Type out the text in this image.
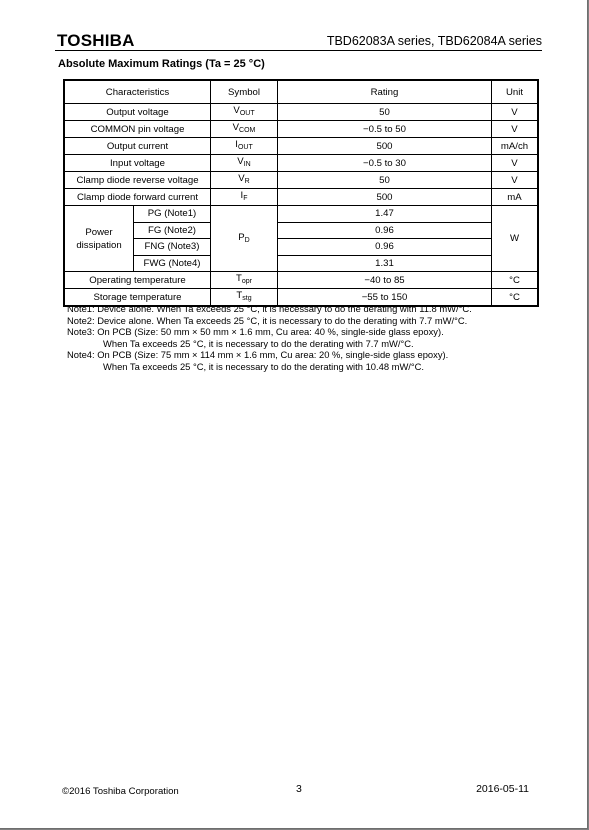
TOSHIBA	TBD62083A series, TBD62084A series
Absolute Maximum Ratings (Ta = 25 °C)
Characteristics		Symbol	Rating	Unit
Output voltage		$V_{OUT}$	50	V
COMMON pin voltage		$V_{COM}$	−0.5 to 50	V
Output current		$I_{OUT}$	500	mA/ch
Input voltage		$V_{IN}$	−0.5 to 30	V
Clamp diode reverse voltage		$V_R$	50	V
Clamp diode forward current		$I_F$	500	mA

Power
dissipation	PG (Note1)	$P_D$	1.47	W
	FG (Note2)		0.96	
	FNG (Note3)		0.96	
	FWG (Note4)		1.31	
Operating temperature		$T_{opr}$	−40 to 85	°C
Storage temperature		$T_{stg}$	−55 to 150	°C
Note1: Device alone. When Ta exceeds 25 °C, it is necessary to do the derating with 11.8 mW/°C.
Note2: Device alone. When Ta exceeds 25 °C, it is necessary to do the derating with 7.7 mW/°C.
Note3: On PCB (Size: 50 mm × 50 mm × 1.6 mm, Cu area: 40 %, single-side glass epoxy).
When Ta exceeds 25 °C, it is necessary to do the derating with 7.7 mW/°C.
Note4: On PCB (Size: 75 mm × 114 mm × 1.6 mm, Cu area: 20 %, single-side glass epoxy).
When Ta exceeds 25 °C, it is necessary to do the derating with 10.48 mW/°C.
©2016 Toshiba Corporation	3	2016-05-11
